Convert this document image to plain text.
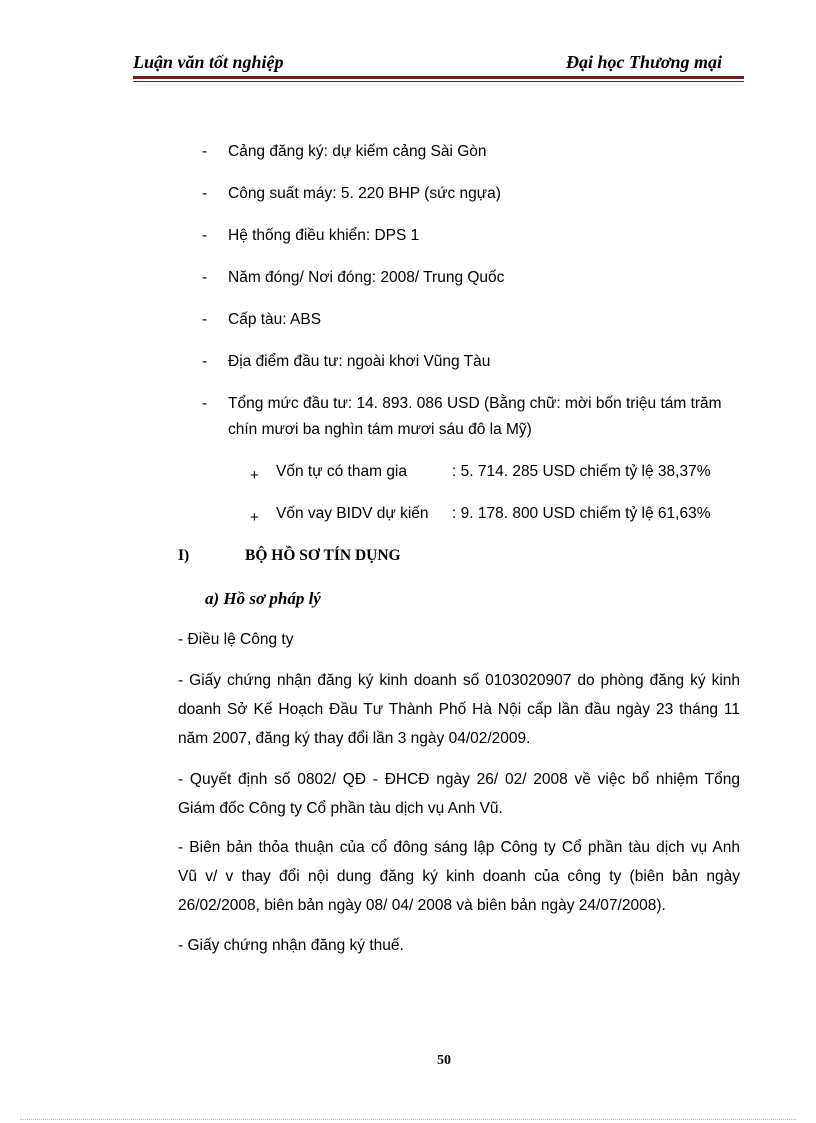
Luận văn tốt nghiệp	Đại học Thương mại
- Cảng đăng ký: dự kiếm cảng Sài Gòn
- Công suất máy: 5. 220 BHP (sức ngựa)
- Hệ thống điều khiển: DPS 1
- Năm đóng/ Nơi đóng: 2008/ Trung Quốc
- Cấp tàu: ABS
- Địa điểm đầu tư: ngoài khơi Vũng Tàu
- Tổng mức đầu tư: 14. 893. 086 USD (Bằng chữ: mời bốn triệu tám trăm
chín mươi ba nghìn tám mươi sáu đô la Mỹ)
+ Vốn tự có tham gia	: 5. 714. 285 USD chiếm tỷ lệ 38,37%
+ Vốn vay BIDV dự kiến : 9. 178. 800 USD chiếm tỷ lệ 61,63%
I)	BỘ HỒ SƠ TÍN DỤNG
a) Hồ sơ pháp lý
- Điều lệ Công ty
- Giấy chứng nhận đăng ký kinh doanh số 0103020907 do phòng đăng ký kinh
doanh Sở Kế Hoạch Đầu Tư Thành Phố Hà Nội cấp lần đầu ngày 23 tháng 11
năm 2007, đăng ký thay đổi lần 3 ngày 04/02/2009.
- Quyết định số 0802/ QĐ - ĐHCĐ ngày 26/ 02/ 2008 về việc bổ nhiệm Tổng
Giám đốc Công ty Cổ phần tàu dịch vụ Anh Vũ.
- Biên bản thỏa thuận của cổ đông sáng lập Công ty Cổ phần tàu dịch vụ Anh
Vũ v/ v thay đổi nội dung đăng ký kinh doanh của công ty (biên bản ngày
26/02/2008, biên bản ngày 08/ 04/ 2008 và biên bản ngày 24/07/2008).
- Giấy chứng nhận đăng ký thuế.
50
